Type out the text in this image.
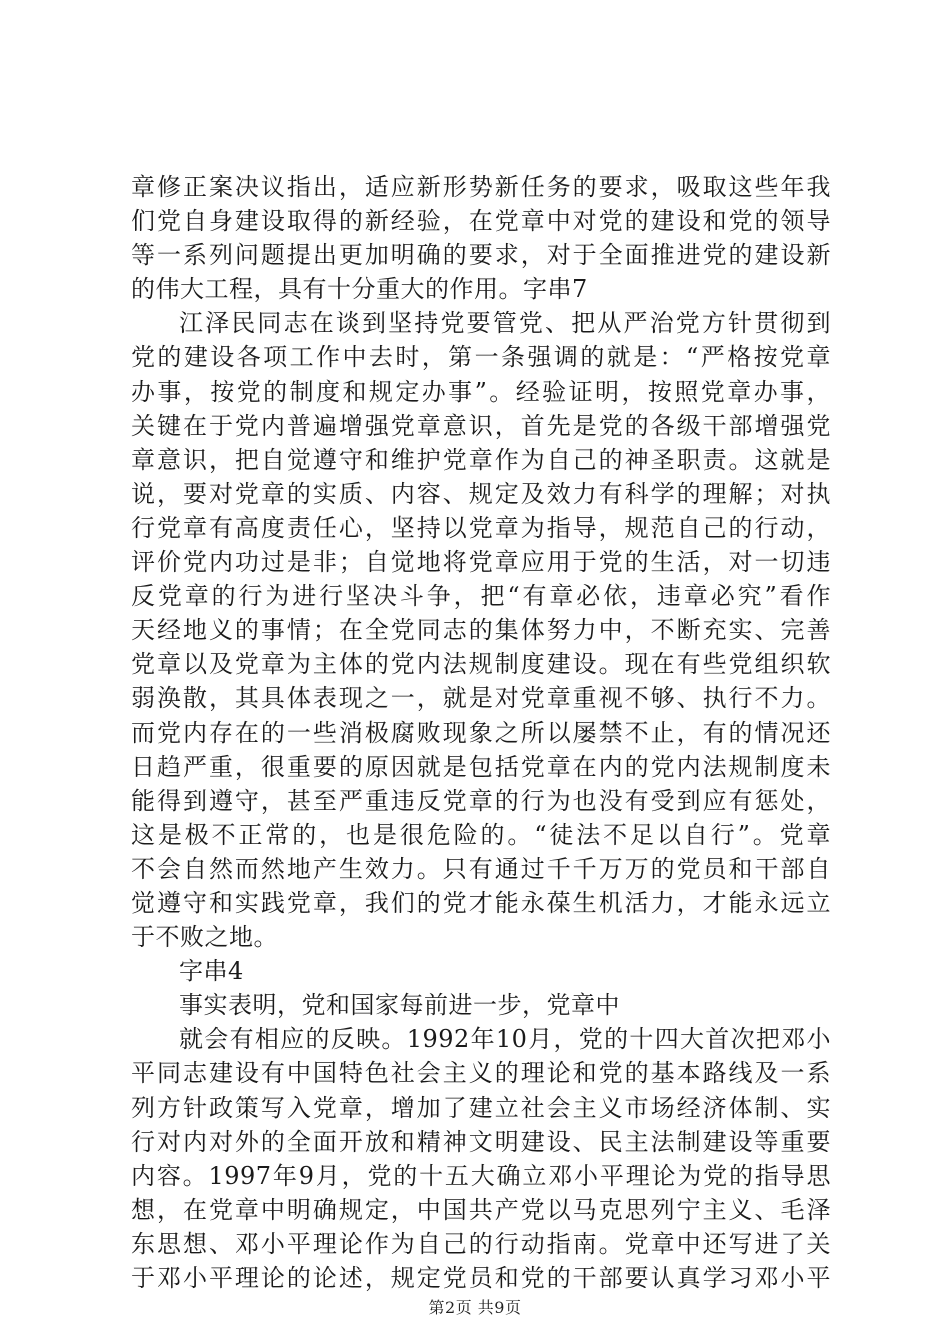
章修正案决议指出，适应新形势新任务的要求，吸取这些年我
们党自身建设取得的新经验，在党章中对党的建设和党的领导
等一系列问题提出更加明确的要求，对于全面推进党的建设新
的伟大工程，具有十分重大的作用。字串7
江泽民同志在谈到坚持党要管党、把从严治党方针贯彻到
党的建设各项工作中去时，第一条强调的就是：“严格按党章
办事，按党的制度和规定办事”。经验证明，按照党章办事，
关键在于党内普遍增强党章意识，首先是党的各级干部增强党
章意识，把自觉遵守和维护党章作为自己的神圣职责。这就是
说，要对党章的实质、内容、规定及效力有科学的理解；对执
行党章有高度责任心，坚持以党章为指导，规范自己的行动，
评价党内功过是非；自觉地将党章应用于党的生活，对一切违
反党章的行为进行坚决斗争，把“有章必依，违章必究”看作
天经地义的事情；在全党同志的集体努力中，不断充实、完善
党章以及党章为主体的党内法规制度建设。现在有些党组织软
弱涣散，其具体表现之一，就是对党章重视不够、执行不力。
而党内存在的一些消极腐败现象之所以屡禁不止，有的情况还
日趋严重，很重要的原因就是包括党章在内的党内法规制度未
能得到遵守，甚至严重违反党章的行为也没有受到应有惩处，
这是极不正常的，也是很危险的。“徒法不足以自行”。党章
不会自然而然地产生效力。只有通过千千万万的党员和干部自
觉遵守和实践党章，我们的党才能永葆生机活力，才能永远立
于不败之地。
字串4
事实表明，党和国家每前进一步，党章中
就会有相应的反映。1992年10月，党的十四大首次把邓小
平同志建设有中国特色社会主义的理论和党的基本路线及一系
列方针政策写入党章，增加了建立社会主义市场经济体制、实
行对内对外的全面开放和精神文明建设、民主法制建设等重要
内容。1997年9月，党的十五大确立邓小平理论为党的指导思
想，在党章中明确规定，中国共产党以马克思列宁主义、毛泽
东思想、邓小平理论作为自己的行动指南。党章中还写进了关
于邓小平理论的论述，规定党员和党的干部要认真学习邓小平
第2页 共9页
